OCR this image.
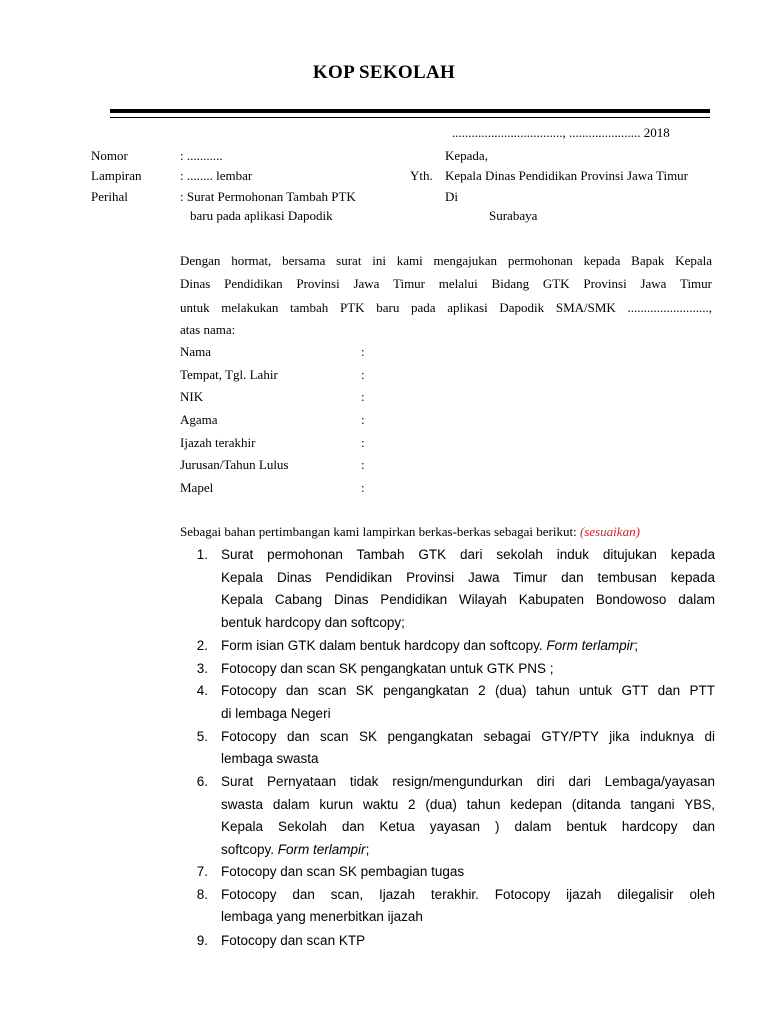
KOP SEKOLAH
.................................., ...................... 2018
Nomor	: ...........
Lampiran	: ........ lembar
Perihal	: Surat Permohonan Tambah PTK
baru pada aplikasi Dapodik
Kepada,
Yth. Kepala Dinas Pendidikan Provinsi Jawa Timur
Di
Surabaya
Dengan hormat, bersama surat ini kami mengajukan permohonan kepada Bapak Kepala
Dinas Pendidikan Provinsi Jawa Timur melalui Bidang GTK Provinsi Jawa Timur
untuk melakukan tambah PTK baru pada aplikasi Dapodik SMA/SMK .........................,
atas nama:
Nama	:
Tempat, Tgl. Lahir	:
NIK	:
Agama	:
Ijazah terakhir	:
Jurusan/Tahun Lulus	:
Mapel	:
Sebagai bahan pertimbangan kami lampirkan berkas-berkas sebagai berikut: (sesuaikan)
1. Surat permohonan Tambah GTK dari sekolah induk ditujukan kepada
Kepala Dinas Pendidikan Provinsi Jawa Timur dan tembusan kepada
Kepala Cabang Dinas Pendidikan Wilayah Kabupaten Bondowoso dalam
bentuk hardcopy dan softcopy;
2. Form isian GTK dalam bentuk hardcopy dan softcopy. Form terlampir;
3. Fotocopy dan scan SK pengangkatan untuk GTK PNS ;
4. Fotocopy dan scan SK pengangkatan 2 (dua) tahun untuk GTT dan PTT
di lembaga Negeri
5. Fotocopy dan scan SK pengangkatan sebagai GTY/PTY jika induknya di
lembaga swasta
6. Surat Pernyataan tidak resign/mengundurkan diri dari Lembaga/yayasan
swasta dalam kurun waktu 2 (dua) tahun kedepan (ditanda tangani YBS,
Kepala Sekolah dan Ketua yayasan ) dalam bentuk hardcopy dan
softcopy. Form terlampir;
7. Fotocopy dan scan SK pembagian tugas
8. Fotocopy dan scan, Ijazah terakhir. Fotocopy ijazah dilegalisir oleh
lembaga yang menerbitkan ijazah
9. Fotocopy dan scan KTP
